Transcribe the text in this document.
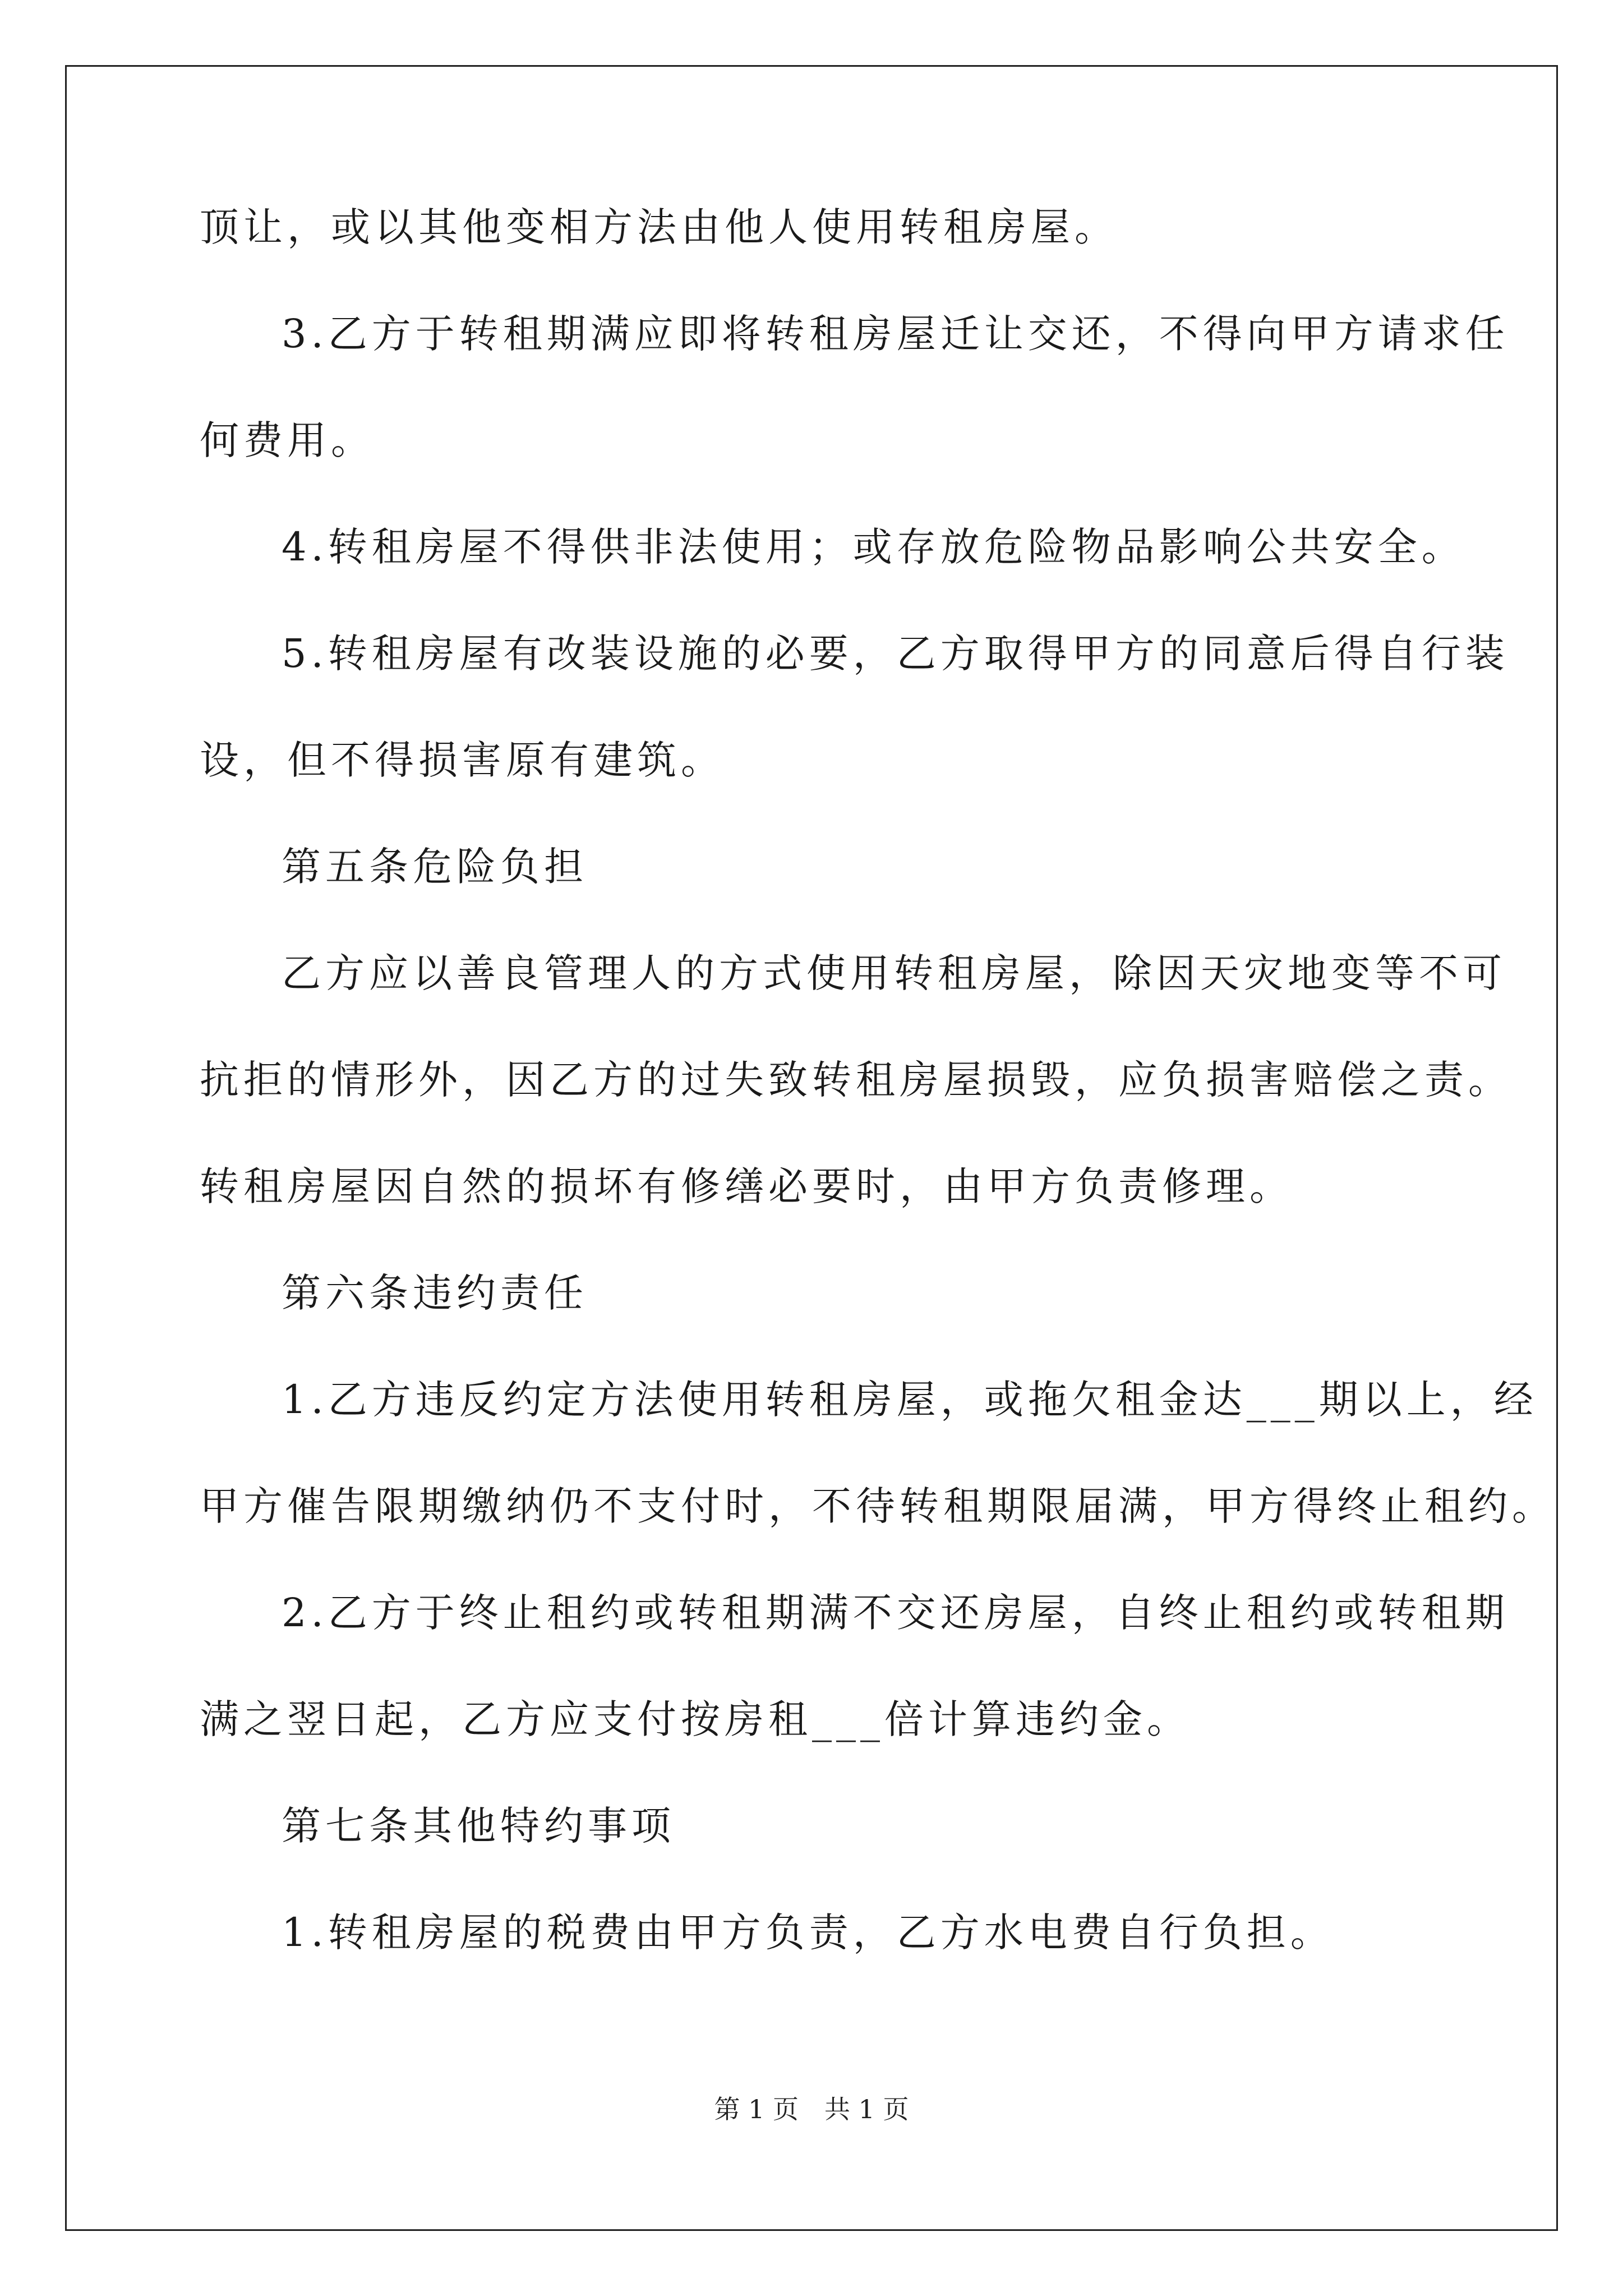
顶让，或以其他变相方法由他人使用转租房屋。
3.乙方于转租期满应即将转租房屋迁让交还，不得向甲方请求任
何费用。
4.转租房屋不得供非法使用；或存放危险物品影响公共安全。
5.转租房屋有改装设施的必要，乙方取得甲方的同意后得自行装
设，但不得损害原有建筑。
第五条危险负担
乙方应以善良管理人的方式使用转租房屋，除因天灾地变等不可
抗拒的情形外，因乙方的过失致转租房屋损毁，应负损害赔偿之责。
转租房屋因自然的损坏有修缮必要时，由甲方负责修理。
第六条违约责任
1.乙方违反约定方法使用转租房屋，或拖欠租金达___期以上，经
甲方催告限期缴纳仍不支付时，不待转租期限届满，甲方得终止租约。
2.乙方于终止租约或转租期满不交还房屋，自终止租约或转租期
满之翌日起，乙方应支付按房租___倍计算违约金。
第七条其他特约事项
1.转租房屋的税费由甲方负责，乙方水电费自行负担。
第 1 页　共 1 页
